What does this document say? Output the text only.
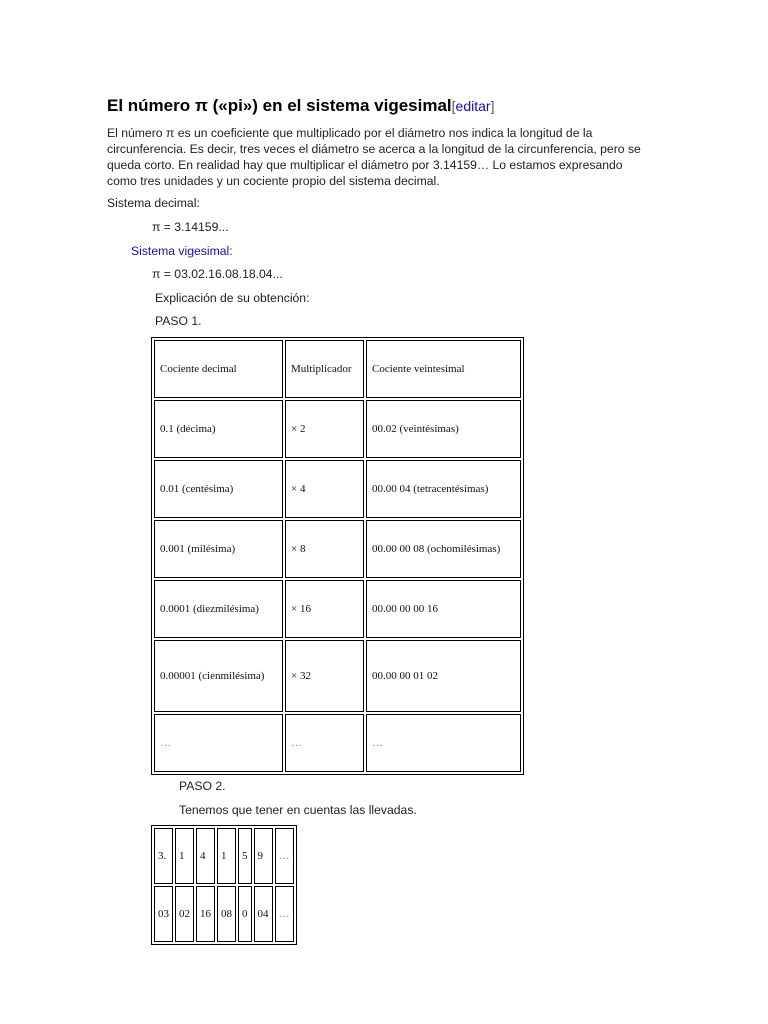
El número π («pi») en el sistema vigesimal[editar]

El número π es un coeficiente que multiplicado por el diámetro nos indica la longitud de la circunferencia. Es decir, tres veces el diámetro se acerca a la longitud de la circunferencia, pero se queda corto. En realidad hay que multiplicar el diámetro por 3.14159… Lo estamos expresando como tres unidades y un cociente propio del sistema decimal.

Sistema decimal:
π = 3.14159...
Sistema vigesimal:
π = 03.02.16.08.18.04...
Explicación de su obtención:
PASO 1.
Cociente decimal	Multiplicador	Cociente veintesimal
0.1 (décima)	× 2	00.02 (veintésimas)
0.01 (centésima)	× 4	00.00 04 (tetracentésimas)
0.001 (milésima)	× 8	00.00 00 08 (ochomilésimas)
0.0001 (diezmilésima)	× 16	00.00 00 00 16
0.00001 (cienmilésima)	× 32	00.00 00 01 02
…	…	…
PASO 2.
Tenemos que tener en cuentas las llevadas.
3.	1	4	1	5	9	…
03	02	16	08	0	04	…
